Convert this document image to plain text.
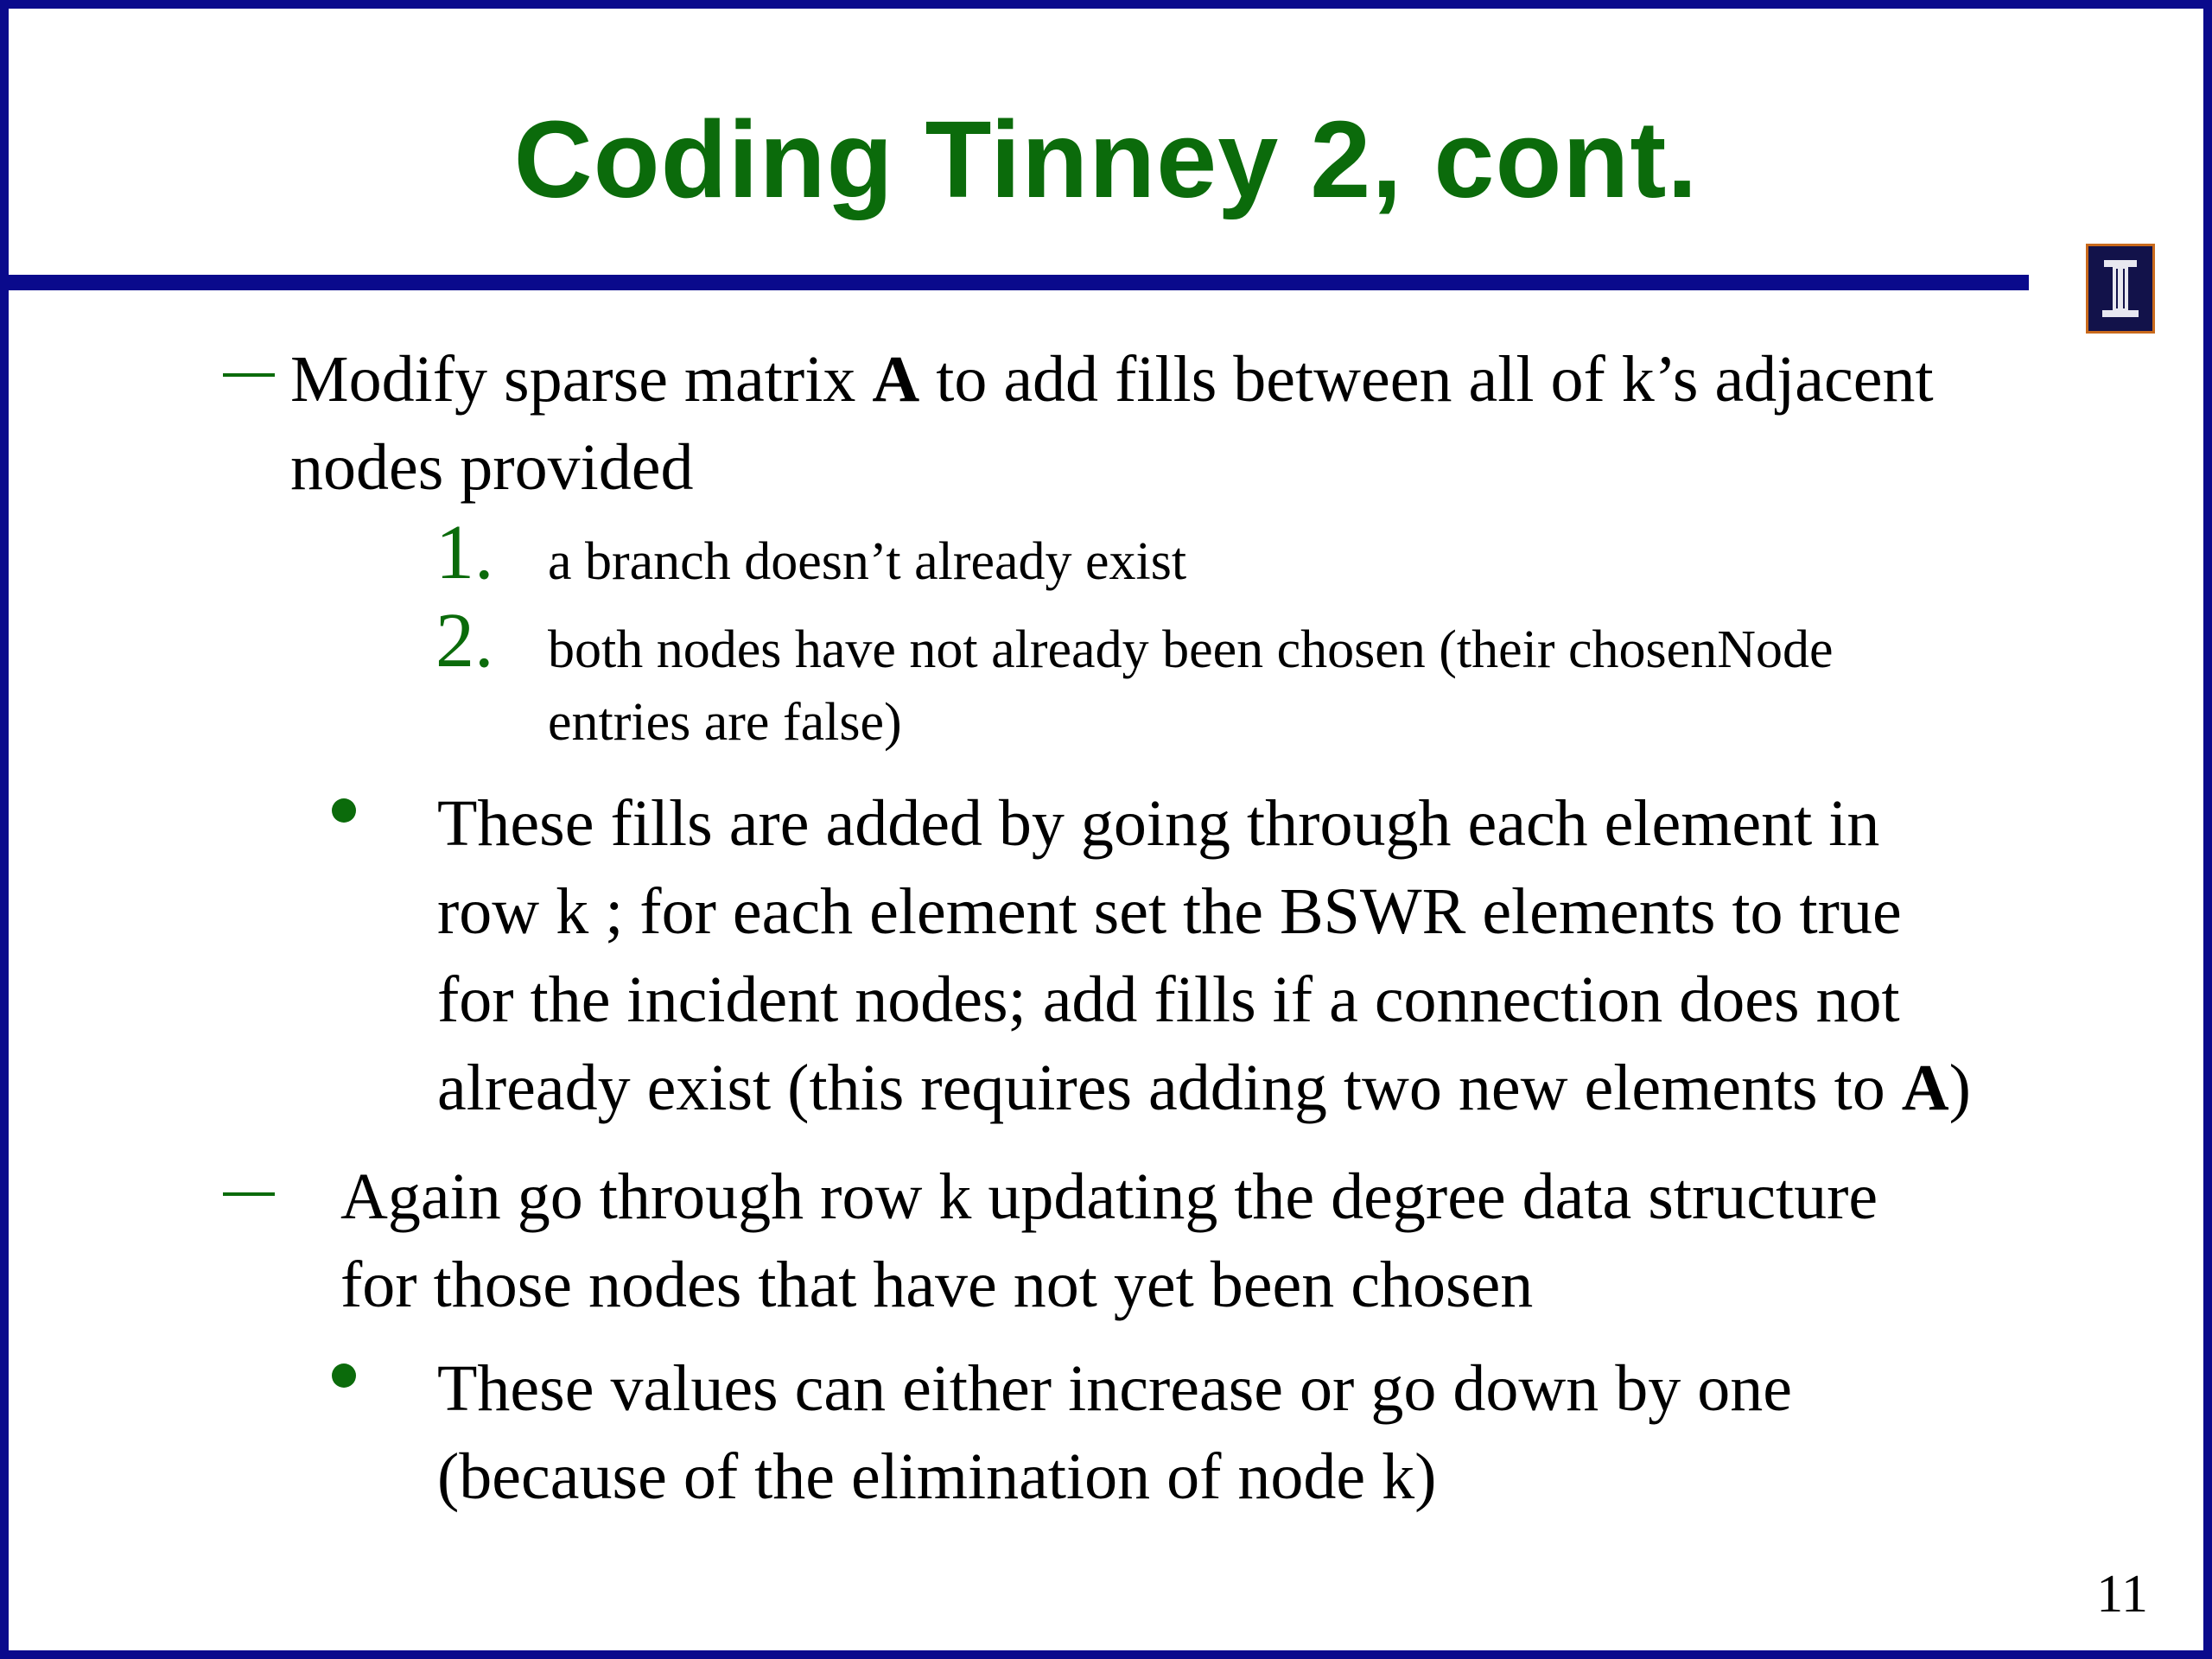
Coding Tinney 2, cont.
Modify sparse matrix A to add fills between all of k’s adjacent
nodes provided
1. a branch doesn’t already exist
2. both nodes have not already been chosen (their chosenNode
entries are false)
These fills are added by going through each element in
row k ; for each element set the BSWR elements to true
for the incident nodes; add fills if a connection does not
already exist (this requires adding two new elements to A)
Again go through row k updating the degree data structure
for those nodes that have not yet been chosen
These values can either increase or go down by one
(because of the elimination of node k)
11
